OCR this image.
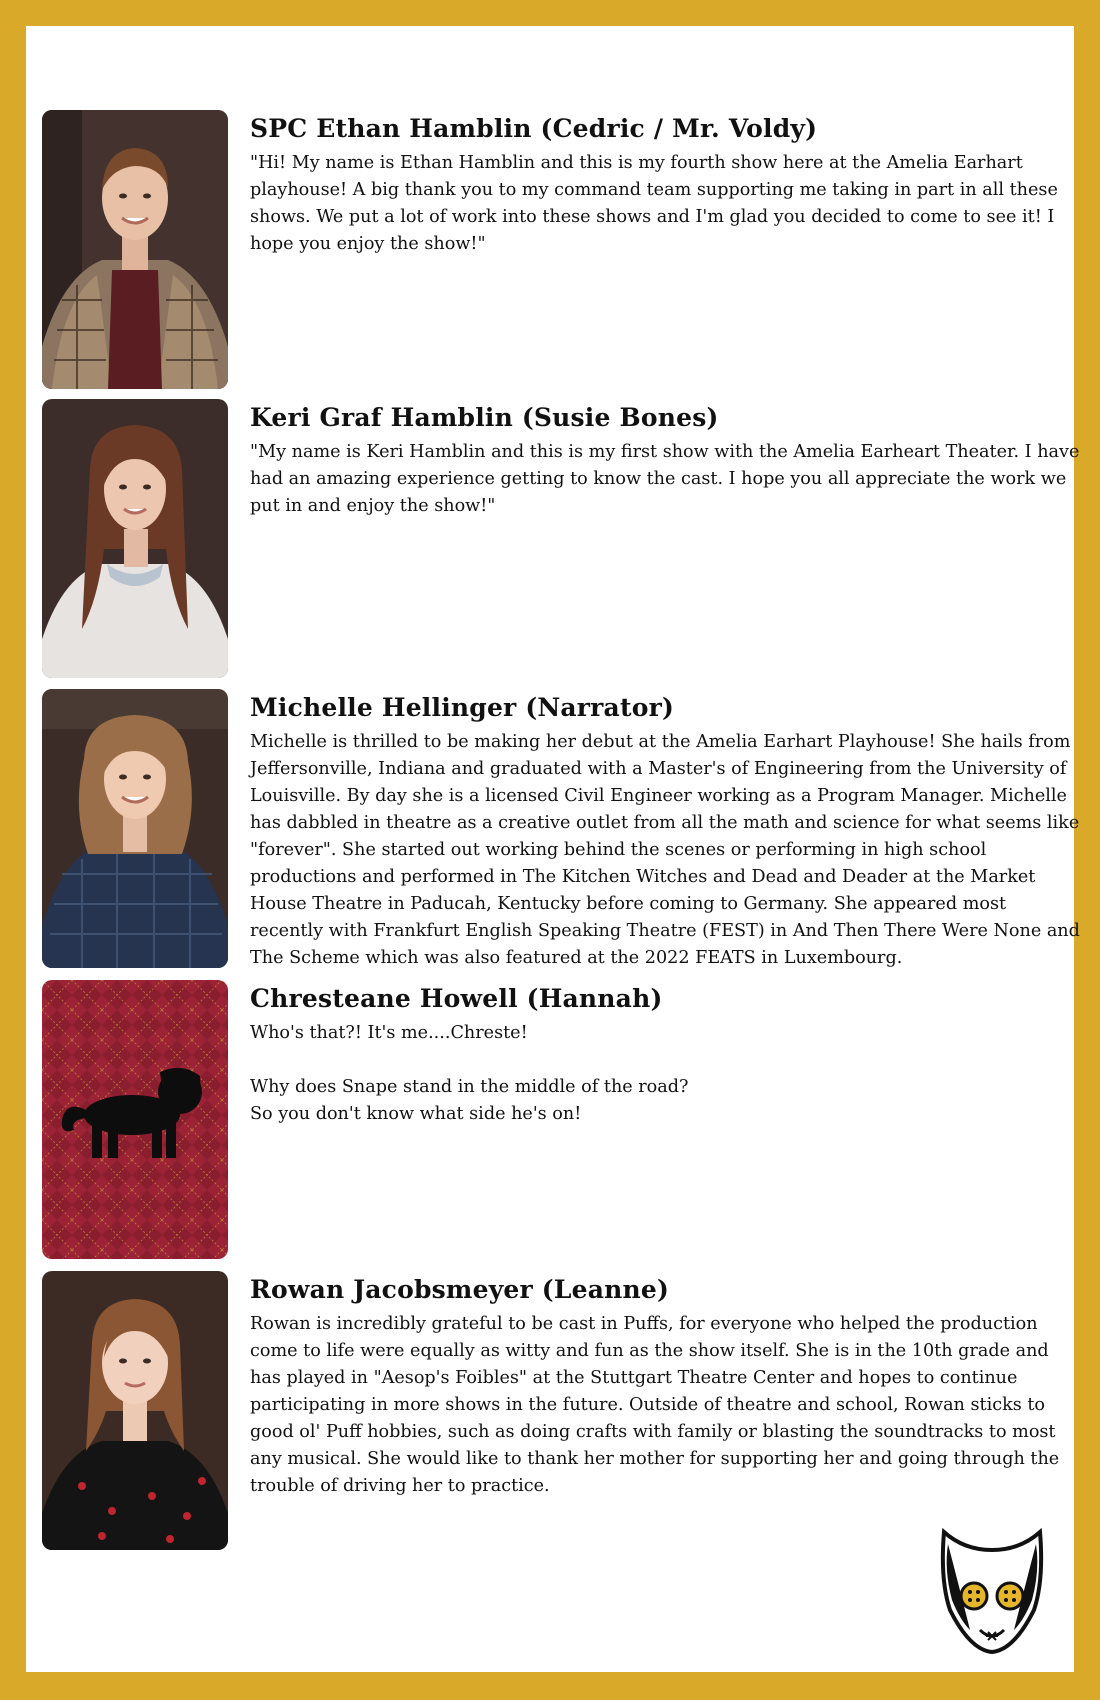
SPC Ethan Hamblin (Cedric / Mr. Voldy)

"Hi! My name is Ethan Hamblin and this is my fourth show here at the Amelia Earhart playhouse! A big thank you to my command team supporting me taking in part in all these shows. We put a lot of work into these shows and I'm glad you decided to come to see it! I hope you enjoy the show!"

Keri Graf Hamblin (Susie Bones)

"My name is Keri Hamblin and this is my first show with the Amelia Earheart Theater. I have had an amazing experience getting to know the cast. I hope you all appreciate the work we put in and enjoy the show!"

Michelle Hellinger (Narrator)

Michelle is thrilled to be making her debut at the Amelia Earhart Playhouse! She hails from Jeffersonville, Indiana and graduated with a Master's of Engineering from the University of Louisville. By day she is a licensed Civil Engineer working as a Program Manager. Michelle has dabbled in theatre as a creative outlet from all the math and science for what seems like "forever". She started out working behind the scenes or performing in high school productions and performed in The Kitchen Witches and Dead and Deader at the Market House Theatre in Paducah, Kentucky before coming to Germany. She appeared most recently with Frankfurt English Speaking Theatre (FEST) in And Then There Were None and The Scheme which was also featured at the 2022 FEATS in Luxembourg.

Chresteane Howell (Hannah)

Who's that?! It's me....Chreste!

Why does Snape stand in the middle of the road?

So you don't know what side he's on!

Rowan Jacobsmeyer (Leanne)

Rowan is incredibly grateful to be cast in Puffs, for everyone who helped the production come to life were equally as witty and fun as the show itself. She is in the 10th grade and has played in "Aesop's Foibles" at the Stuttgart Theatre Center and hopes to continue participating in more shows in the future. Outside of theatre and school, Rowan sticks to good ol' Puff hobbies, such as doing crafts with family or blasting the soundtracks to most any musical. She would like to thank her mother for supporting her and going through the trouble of driving her to practice.
